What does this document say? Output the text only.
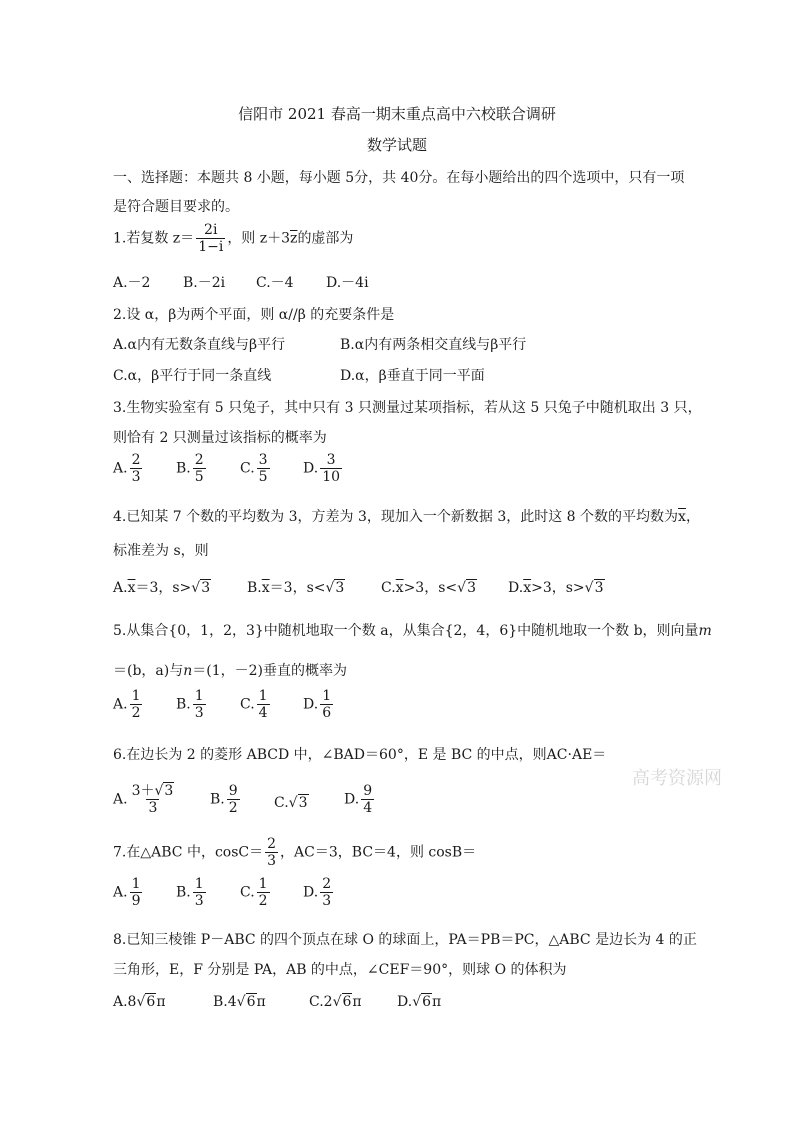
信阳市 2021 春高一期末重点高中六校联合调研
数学试题
一、选择题：本题共 8 小题，每小题 5分，共 40分。在每小题给出的四个选项中，只有一项
是符合题目要求的。
1.若复数 $z= \frac{2i}{1-i}$ ，则 $z+3\overline{z}$的虚部为
A.－2 B.－2i C.－4 D.－4i
2.设 α，β为两个平面，则 α//β 的充要条件是
A.α内有无数条直线与β平行	B.α内有两条相交直线与β平行
C.α，β平行于同一条直线	D.α，β垂直于同一平面
3.生物实验室有 5 只兔子，其中只有 3 只测量过某项指标，若从这 5 只兔子中随机取出 3 只，
则恰有 2 只测量过该指标的概率为
A. $\frac{2}{3} B$. $\frac{2}{5} C$. $\frac{3}{5} D$. $\frac{3}{10}$
4.已知某 7 个数的平均数为 3，方差为 3，现加入一个新数据 3，此时这 8 个数的平均数为$\overline{x}$，
标准差为 s，则
$A.\overline{x}=3$，s>√3	$B.\overline{x}=3$，s<√3	$C.\overline{x}>3$，s<√3 $D.\overline{x}>3$，s>√3
5.从集合{0，1，2，3}中随机地取一个数 a，从集合{2，4，6}中随机地取一个数 b，则向量m
＝(b，a)与n＝(1，－2)垂直的概率为
A. $\frac{1}{2} B$. $\frac{1}{3} C$. $\frac{1}{4} D$. $\frac{1}{6}$
6.在边长为 2 的菱形 ABCD 中，∠BAD＝60°，E 是 BC 的中点，则AC·AE＝
高考资源网
A. $\frac{3+√3}{3} B$. $\frac{9}{2} C.√3$	D. $\frac{9}{4}$
7.在△ABC 中，$\cos C= \frac{2}{3}$ ，AC＝3，BC＝4，则 cosB＝
A. $\frac{1}{9} B$. $\frac{1}{3} C$. $\frac{1}{2} D$. $\frac{2}{3}$
8.已知三棱锥 P－ABC 的四个顶点在球 O 的球面上，PA＝PB＝PC，△ABC 是边长为 4 的正
三角形，E，F 分别是 PA，AB 的中点，∠CEF＝90°，则球 O 的体积为
A.8√6π	B.4√6π	C.2√6π	D.√6π
